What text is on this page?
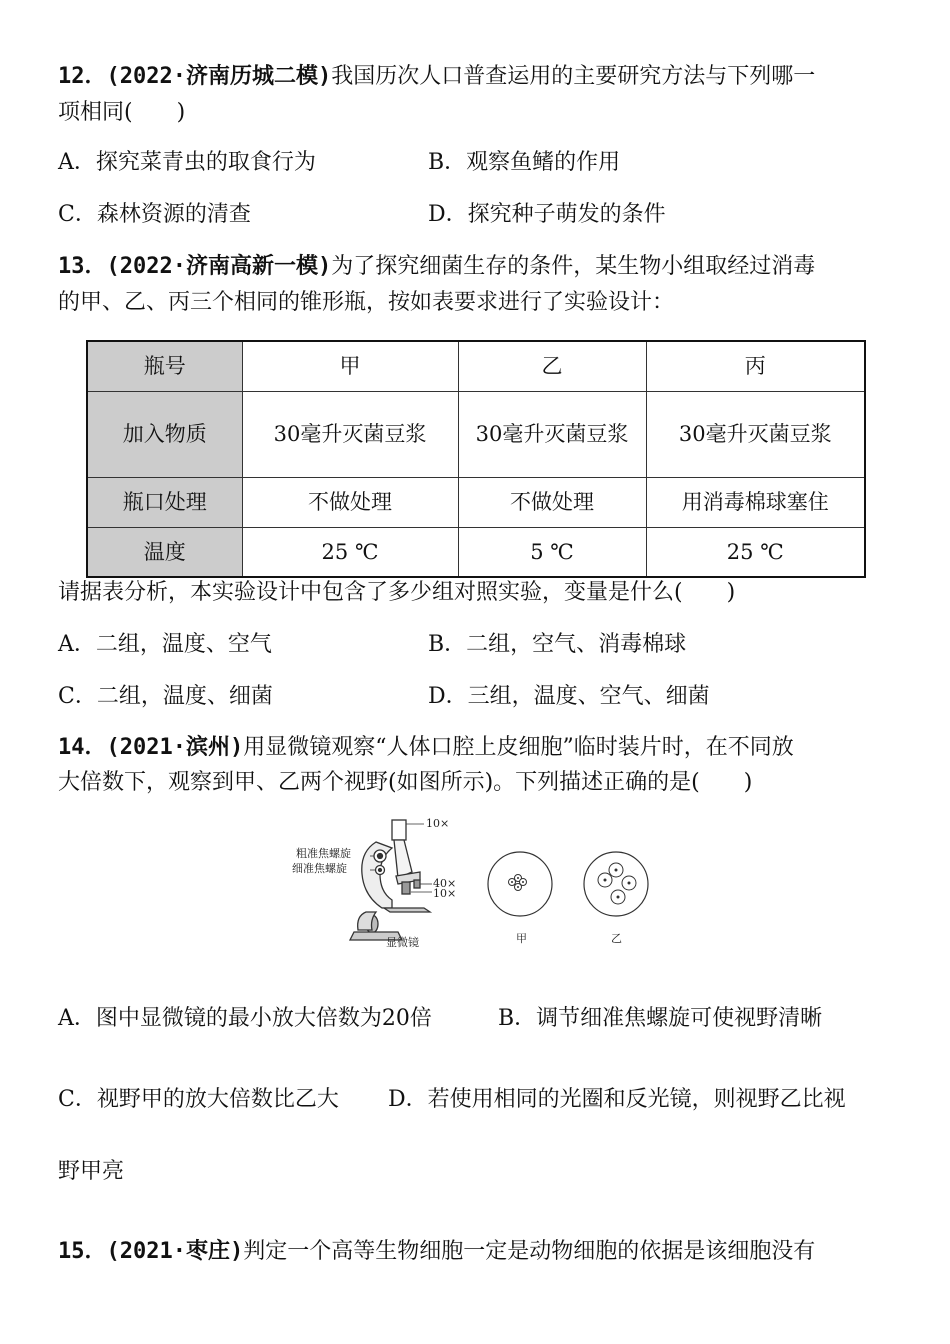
12．(2022·济南历城二模)我国历次人口普查运用的主要研究方法与下列哪一
项相同(　　)
A．探究菜青虫的取食行为	B．观察鱼鳍的作用
C．森林资源的清查	D．探究种子萌发的条件
13．(2022·济南高新一模)为了探究细菌生存的条件，某生物小组取经过消毒
的甲、乙、丙三个相同的锥形瓶，按如表要求进行了实验设计：
瓶号	甲	乙	丙
加入物质	30毫升灭菌豆浆	30毫升灭菌豆浆	30毫升灭菌豆浆
瓶口处理	不做处理	不做处理	用消毒棉球塞住
温度	25 ℃	5 ℃	25 ℃
请据表分析，本实验设计中包含了多少组对照实验，变量是什么(　　)
A．二组，温度、空气	B．二组，空气、消毒棉球
C．二组，温度、细菌	D．三组，温度、空气、细菌
14．(2021·滨州)用显微镜观察“人体口腔上皮细胞”临时装片时，在不同放
大倍数下，观察到甲、乙两个视野(如图所示)。下列描述正确的是(　　)
粗准焦螺旋
细准焦螺旋
10×
40×
10×
显微镜	甲	乙
A．图中显微镜的最小放大倍数为20倍	B．调节细准焦螺旋可使视野清晰
C．视野甲的放大倍数比乙大 D．若使用相同的光圈和反光镜，则视野乙比视
野甲亮
15．(2021·枣庄)判定一个高等生物细胞一定是动物细胞的依据是该细胞没有
